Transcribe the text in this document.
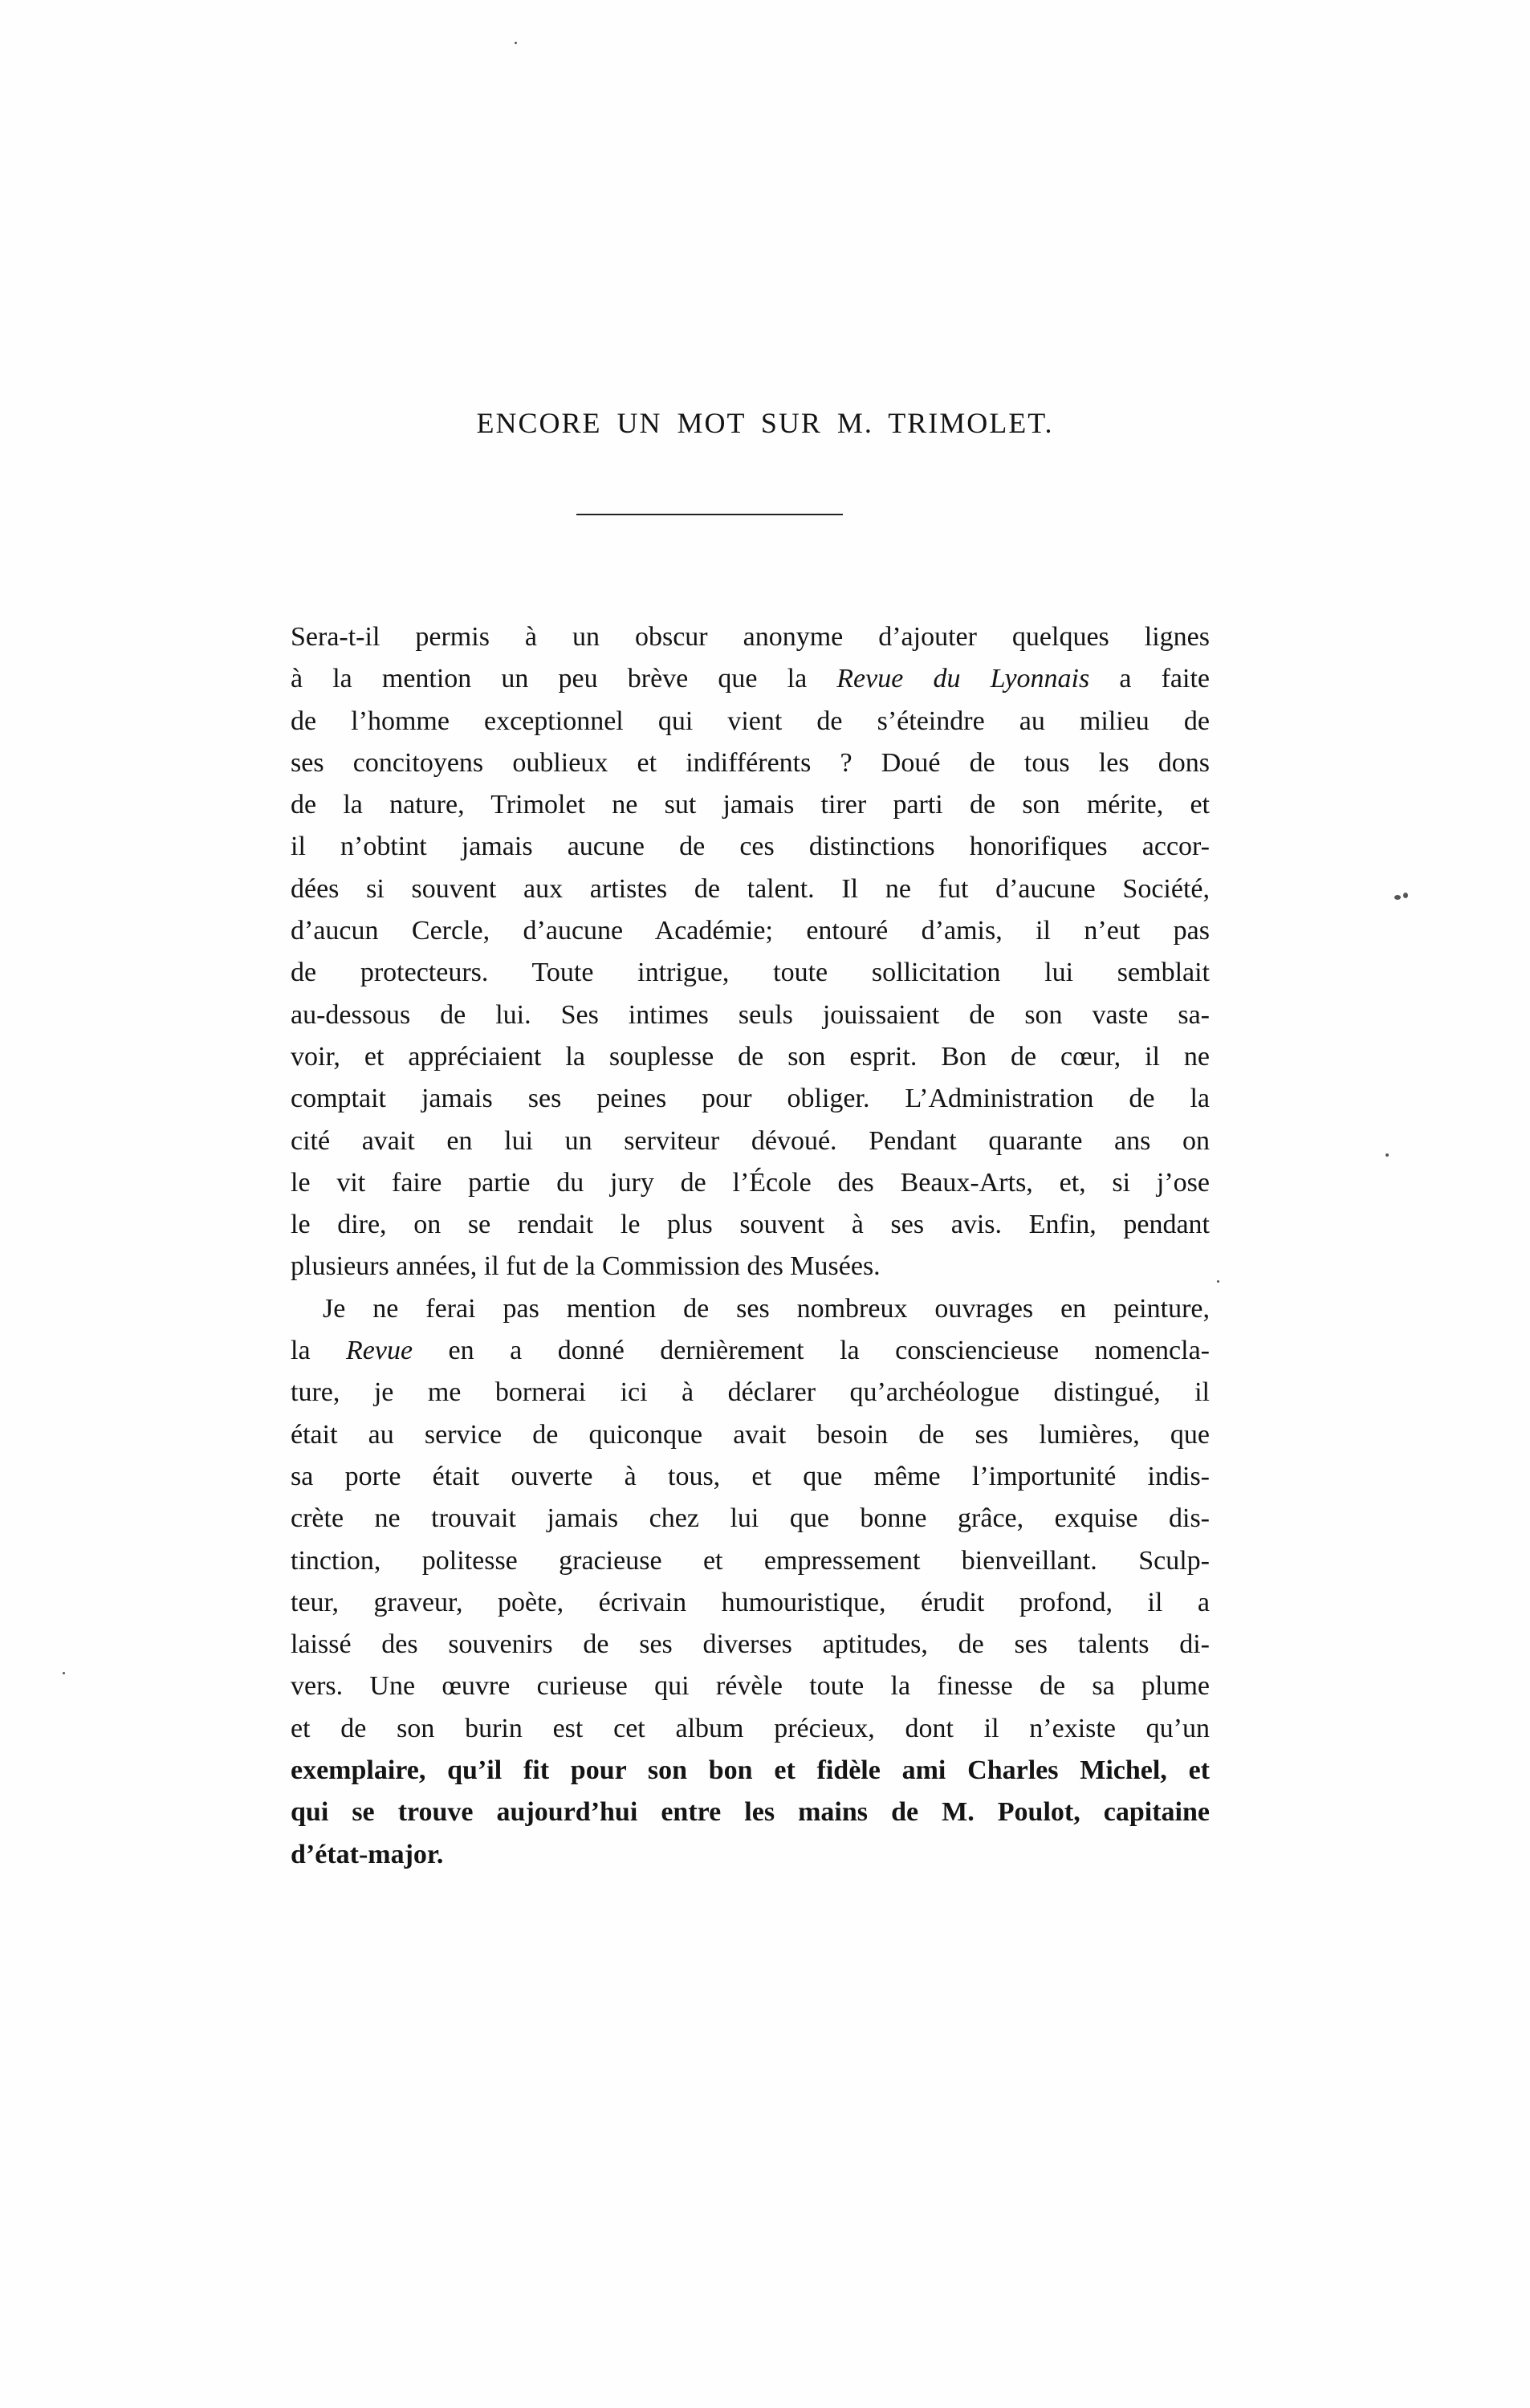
ENCORE UN MOT SUR M. TRIMOLET.
Sera-t-il permis à un obscur anonyme d’ajouter quelques lignes
à la mention un peu brève que la Revue du Lyonnais a faite
de l’homme exceptionnel qui vient de s’éteindre au milieu de
ses concitoyens oublieux et indifférents ? Doué de tous les dons
de la nature, Trimolet ne sut jamais tirer parti de son mérite, et
il n’obtint jamais aucune de ces distinctions honorifiques accor-
dées si souvent aux artistes de talent. Il ne fut d’aucune Société,
d’aucun Cercle, d’aucune Académie; entouré d’amis, il n’eut pas
de protecteurs. Toute intrigue, toute sollicitation lui semblait
au-dessous de lui. Ses intimes seuls jouissaient de son vaste sa-
voir, et appréciaient la souplesse de son esprit. Bon de cœur, il ne
comptait jamais ses peines pour obliger. L’Administration de la
cité avait en lui un serviteur dévoué. Pendant quarante ans on
le vit faire partie du jury de l’École des Beaux-Arts, et, si j’ose
le dire, on se rendait le plus souvent à ses avis. Enfin, pendant
plusieurs années, il fut de la Commission des Musées.
Je ne ferai pas mention de ses nombreux ouvrages en peinture,
la Revue en a donné dernièrement la consciencieuse nomencla-
ture, je me bornerai ici à déclarer qu’archéologue distingué, il
était au service de quiconque avait besoin de ses lumières, que
sa porte était ouverte à tous, et que même l’importunité indis-
crète ne trouvait jamais chez lui que bonne grâce, exquise dis-
tinction, politesse gracieuse et empressement bienveillant. Sculp-
teur, graveur, poète, écrivain humouristique, érudit profond, il a
laissé des souvenirs de ses diverses aptitudes, de ses talents di-
vers. Une œuvre curieuse qui révèle toute la finesse de sa plume
et de son burin est cet album précieux, dont il n’existe qu’un
exemplaire, qu’il fit pour son bon et fidèle ami Charles Michel, et
qui se trouve aujourd’hui entre les mains de M. Poulot, capitaine
d’état-major.
